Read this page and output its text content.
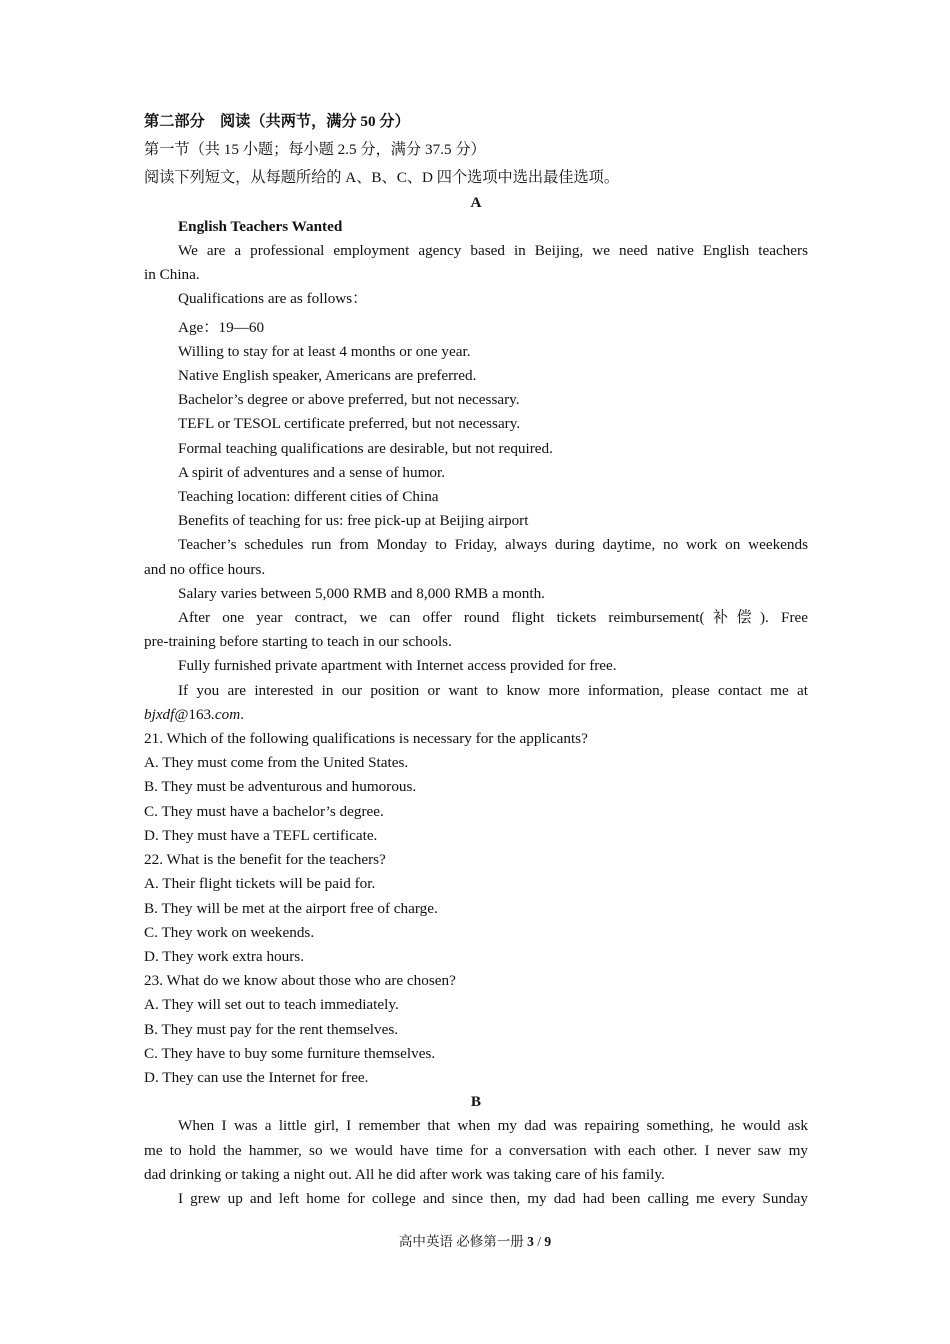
第二部分　阅读（共两节，满分 50 分）
第一节（共 15 小题；每小题 2.5 分，满分 37.5 分）
阅读下列短文，从每题所给的 A、B、C、D 四个选项中选出最佳选项。
A
English Teachers Wanted
We are a professional employment agency based in Beijing, we need native English teachers
in China.
Qualifications are as follows：
Age：19—60
Willing to stay for at least 4 months or one year.
Native English speaker, Americans are preferred.
Bachelor’s degree or above preferred, but not necessary.
TEFL or TESOL certificate preferred, but not necessary.
Formal teaching qualifications are desirable, but not required.
A spirit of adventures and a sense of humor.
Teaching location: different cities of China
Benefits of teaching for us: free pick-up at Beijing airport
Teacher’s schedules run from Monday to Friday, always during daytime, no work on weekends
and no office hours.
Salary varies between 5,000 RMB and 8,000 RMB a month.
After one year contract, we can offer round flight tickets reimbursement(补偿). Free
pre-training before starting to teach in our schools.
Fully furnished private apartment with Internet access provided for free.
If you are interested in our position or want to know more information, please contact me at
bjxdf@163.com.
21. Which of the following qualifications is necessary for the applicants?
A. They must come from the United States.
B. They must be adventurous and humorous.
C. They must have a bachelor’s degree.
D. They must have a TEFL certificate.
22. What is the benefit for the teachers?
A. Their flight tickets will be paid for.
B. They will be met at the airport free of charge.
C. They work on weekends.
D. They work extra hours.
23. What do we know about those who are chosen?
A. They will set out to teach immediately.
B. They must pay for the rent themselves.
C. They have to buy some furniture themselves.
D. They can use the Internet for free.
B
When I was a little girl, I remember that when my dad was repairing something, he would ask
me to hold the hammer, so we would have time for a conversation with each other. I never saw my
dad drinking or taking a night out. All he did after work was taking care of his family.
I grew up and left home for college and since then, my dad had been calling me every Sunday
高中英语 必修第一册 3 / 9
